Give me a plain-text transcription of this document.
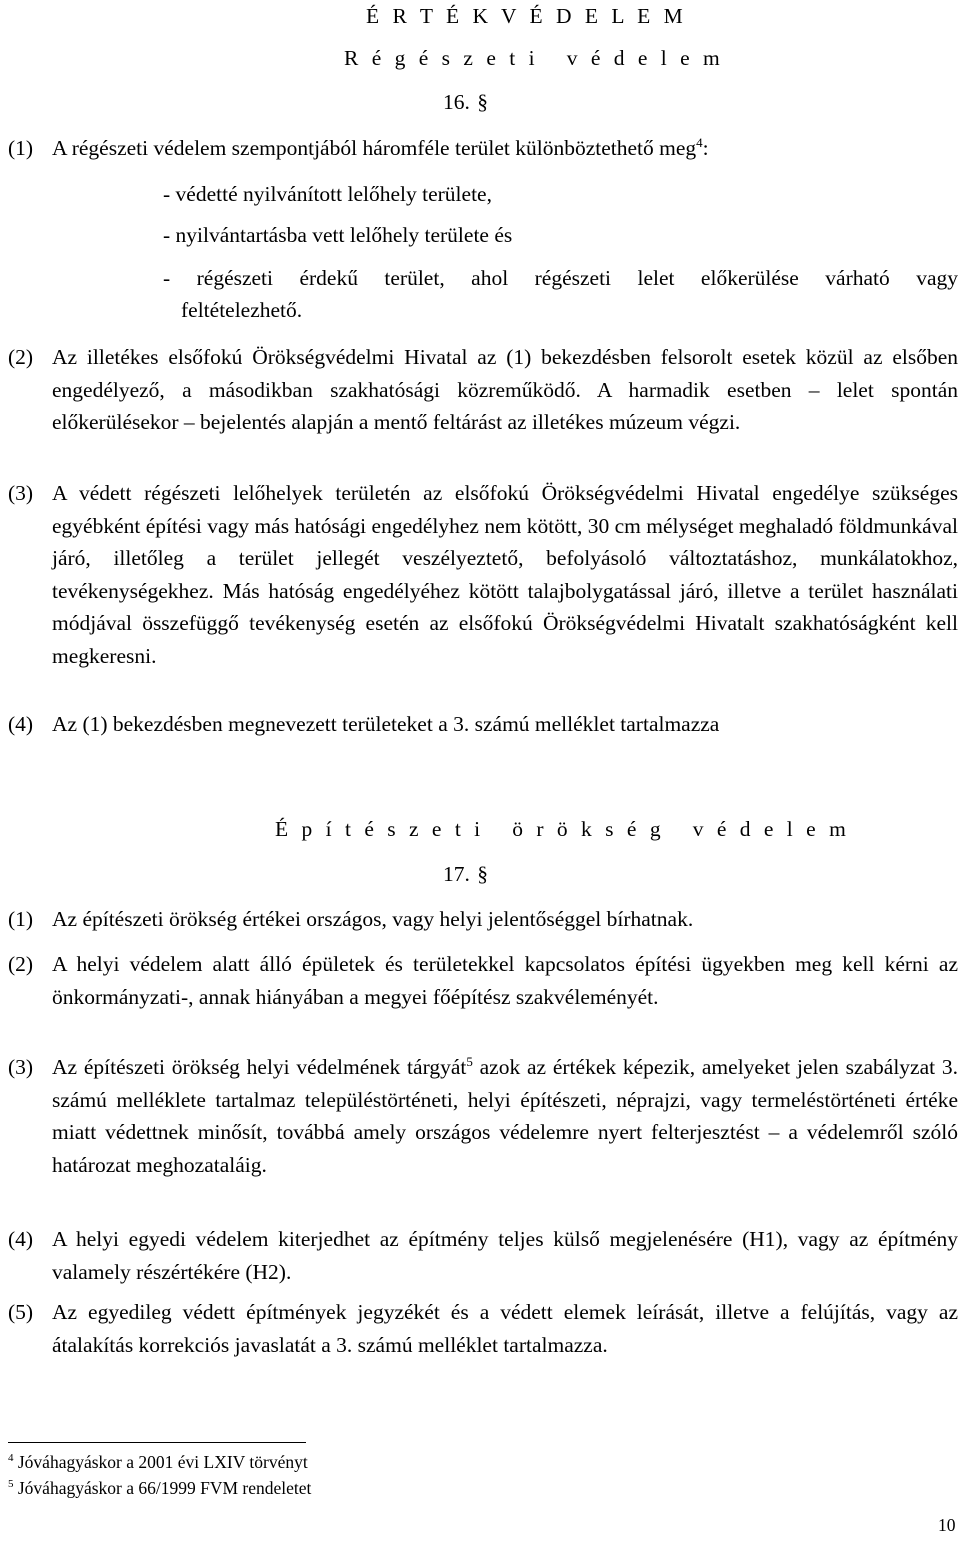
É R T É K V É D E L E M
R é g é s z e t i   v é d e l e m
16. §
(1) A régészeti védelem szempontjából háromféle terület különböztethető meg$^4$:
- védetté nyilvánított lelőhely területe,
- nyilvántartásba vett lelőhely területe és
- régészeti érdekű terület, ahol régészeti lelet előkerülése várható vagy
feltételezhető.
(2) Az illetékes elsőfokú Örökségvédelmi Hivatal az (1) bekezdésben felsorolt esetek közül az elsőben engedélyező, a másodikban szakhatósági közreműködő. A harmadik esetben – lelet spontán előkerülésekor – bejelentés alapján a mentő feltárást az illetékes múzeum végzi.
(3) A védett régészeti lelőhelyek területén az elsőfokú Örökségvédelmi Hivatal engedélye szükséges egyébként építési vagy más hatósági engedélyhez nem kötött, 30 cm mélységet meghaladó földmunkával járó, illetőleg a terület jellegét veszélyeztető, befolyásoló változtatáshoz, munkálatokhoz, tevékenységekhez. Más hatóság engedélyéhez kötött talajbolygatással járó, illetve a terület használati módjával összefüggő tevékenység esetén az elsőfokú Örökségvédelmi Hivatalt szakhatóságként kell megkeresni.
(4) Az (1) bekezdésben megnevezett területeket a 3. számú melléklet tartalmazza
É p í t é s z e t i   ö r ö k s é g   v é d e l e m
17. §
(1) Az építészeti örökség értékei országos, vagy helyi jelentőséggel bírhatnak.
(2) A helyi védelem alatt álló épületek és területekkel kapcsolatos építési ügyekben meg kell kérni az önkormányzati-, annak hiányában a megyei főépítész szakvéleményét.
(3) Az építészeti örökség helyi védelmének tárgyát$^5$ azok az értékek képezik, amelyeket jelen szabályzat 3. számú melléklete tartalmaz településtörténeti, helyi építészeti, néprajzi, vagy termeléstörténeti értéke miatt védettnek minősít, továbbá amely országos védelemre nyert felterjesztést – a védelemről szóló határozat meghozataláig.
(4) A helyi egyedi védelem kiterjedhet az építmény teljes külső megjelenésére (H1), vagy az építmény valamely részértékére (H2).
(5) Az egyedileg védett építmények jegyzékét és a védett elemek leírását, illetve a felújítás, vagy az átalakítás korrekciós javaslatát a 3. számú melléklet tartalmazza.
$^4$ Jóváhagyáskor a 2001 évi LXIV törvényt
$^5$ Jóváhagyáskor a 66/1999 FVM rendeletet
10
